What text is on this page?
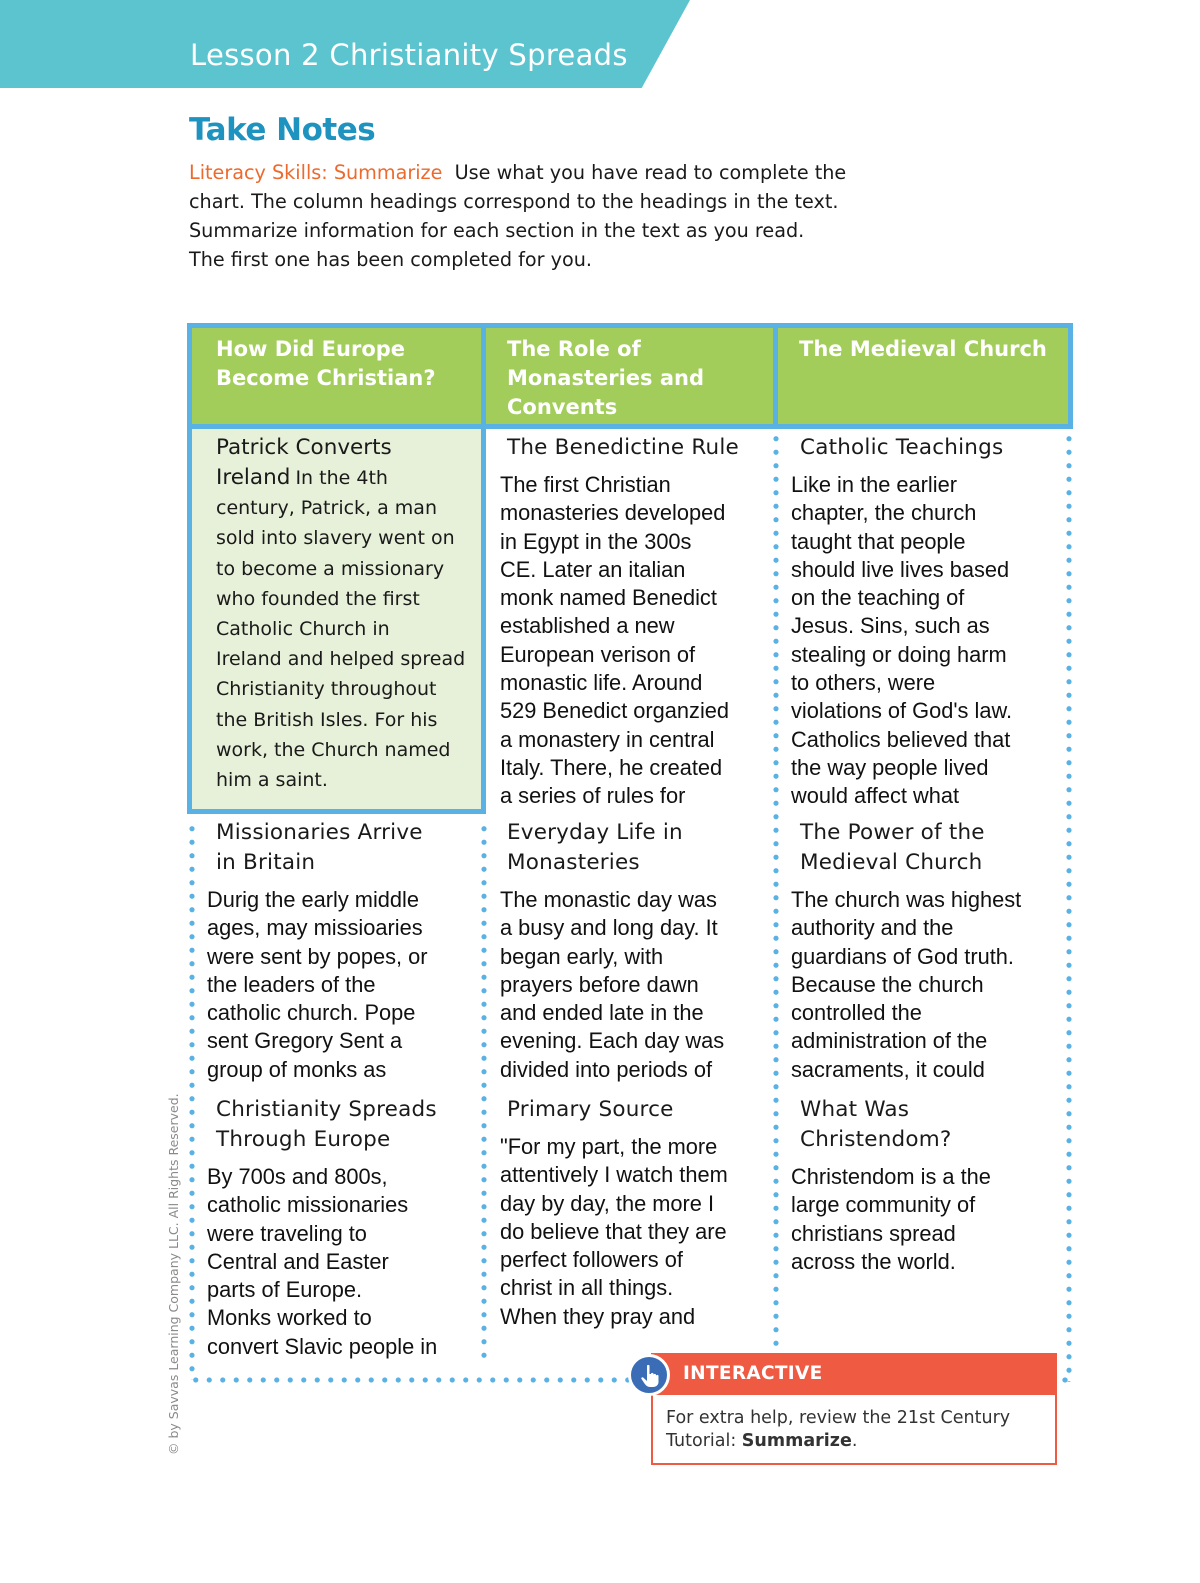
Lesson 2 Christianity Spreads
Take Notes

Literacy Skills: Summarize Use what you have read to complete the

chart. The column headings correspond to the headings in the text.

Summarize information for each section in the text as you read.

The first one has been completed for you.

© by Savvas Learning Company LLC. All Rights Reserved.
How Did Europe
Become Christian?
The Role of
Monasteries and
Convents
The Medieval Church
Patrick Converts
Ireland In the 4th
century, Patrick, a man
sold into slavery went on
to become a missionary
who founded the first
Catholic Church in
Ireland and helped spread
Christianity throughout
the British Isles. For his
work, the Church named
him a saint.
The Benedictine Rule
The first Christian
monasteries developed
in Egypt in the 300s
CE. Later an italian
monk named Benedict
established a new
European verison of
monastic life. Around
529 Benedict organzied
a monastery in central
Italy. There, he created
a series of rules for
Catholic Teachings
Like in the earlier
chapter, the church
taught that people
should live lives based
on the teaching of
Jesus. Sins, such as
stealing or doing harm
to others, were
violations of God's law.
Catholics believed that
the way people lived
would affect what
Missionaries Arrive
in Britain
Durig the early middle
ages, may missioaries
were sent by popes, or
the leaders of the
catholic church. Pope
sent Gregory Sent a
group of monks as
Everyday Life in
Monasteries
The monastic day was
a busy and long day. It
began early, with
prayers before dawn
and ended late in the
evening. Each day was
divided into periods of
The Power of the
Medieval Church
The church was highest
authority and the
guardians of God truth.
Because the church
controlled the
administration of the
sacraments, it could
Christianity Spreads
Through Europe
By 700s and 800s,
catholic missionaries
were traveling to
Central and Easter
parts of Europe.
Monks worked to
convert Slavic people in
Primary Source
"For my part, the more
attentively I watch them
day by day, the more I
do believe that they are
perfect followers of
christ in all things.
When they pray and
What Was
Christendom?
Christendom is a the
large community of
christians spread
across the world.
INTERACTIVE
For extra help, review the 21st Century
Tutorial: Summarize.
